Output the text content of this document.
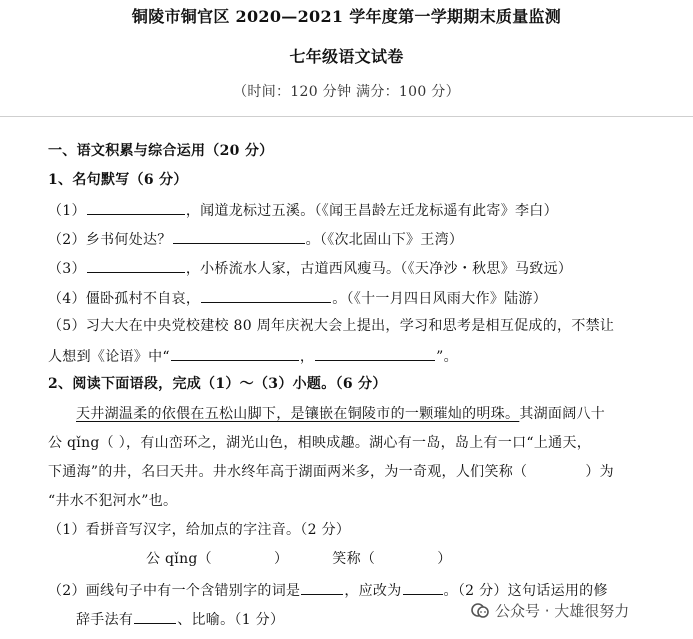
铜陵市铜官区 2020—2021 学年度第一学期期末质量监测
七年级语文试卷
（时间：120 分钟 满分：100 分）
一、语文积累与综合运用（20 分）
1、名句默写（6 分）
（1）	，闻道龙标过五溪。（《闻王昌龄左迁龙标遥有此寄》李白）
（2）乡书何处达？	。（《次北固山下》王湾）
（3）	，小桥流水人家，古道西风瘦马。（《天净沙・秋思》马致远）
（4）僵卧孤村不自哀，	。（《十一月四日风雨大作》陆游）
（5）习大大在中央党校建校 80 周年庆祝大会上提出，学习和思考是相互促成的，不禁让
人想到《论语》中“	，	”。
2、阅读下面语段，完成（1）～（3）小题。（6 分）
天井湖温柔的依偎在五松山脚下，是镶嵌在铜陵市的一颗璀灿的明珠。其湖面阔八十
公 qǐng（ ），有山峦环之，湖光山色，相映成趣。湖心有一岛，岛上有一口“上通天，
下通海”的井，名曰天井。井水终年高于湖面两米多，为一奇观，人们笑称（	）为
“井水不犯河水”也。
（1）看拼音写汉字，给加点的字注音。（2 分）
公 qǐng（	）	笑称（	）
（2）画线句子中有一个含错别字的词是	，应改为	。（2 分）这句话运用的修
辞手法有	、比喻。（1 分）	公众号 · 大雄很努力
